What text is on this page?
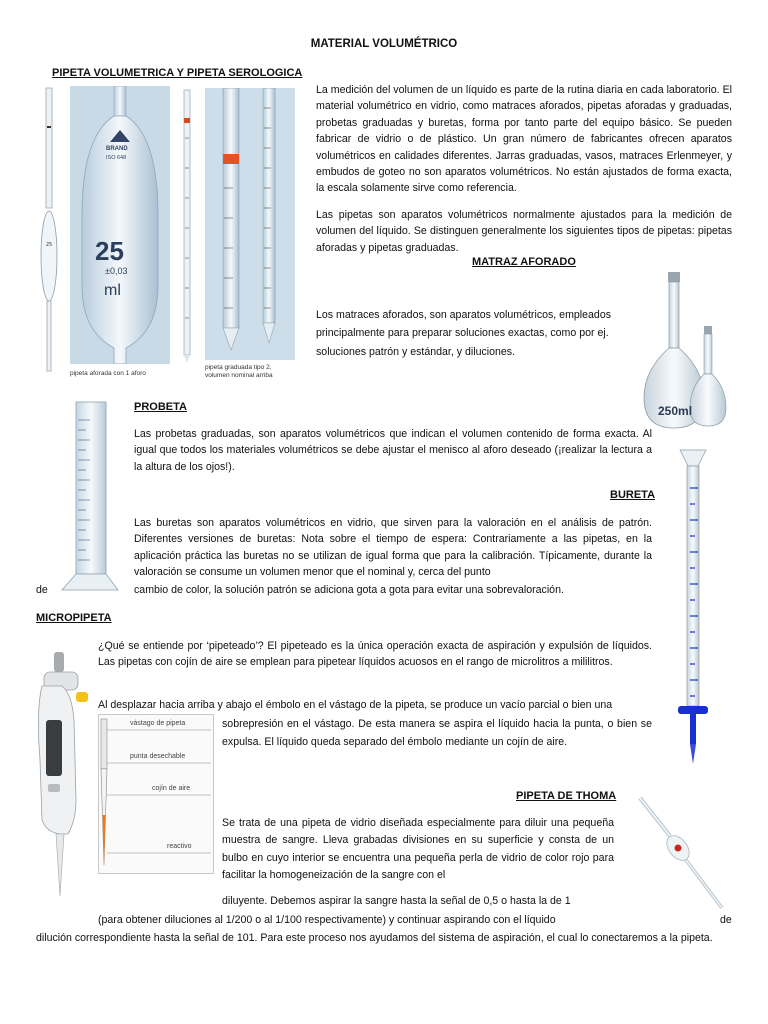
MATERIAL VOLUMÉTRICO
PIPETA VOLUMETRICA Y PIPETA SEROLOGICA
25
BRAND
ISO 648
25
±0,03
ml
pipeta aforada con 1 aforo
pipeta graduada tipo 2,
volumen nominal arriba
La medición del volumen de un líquido es parte de la rutina diaria en cada laboratorio. El material volumétrico en vidrio, como matraces aforados, pipetas aforadas y graduadas, probetas graduadas y buretas, forma por tanto parte del equipo básico. Se pueden fabricar de vidrio o de plástico. Un gran número de fabricantes ofrecen aparatos volumétricos en calidades diferentes. Jarras graduadas, vasos, matraces Erlenmeyer, y embudos de goteo no son aparatos volumétricos. No están ajustados de forma exacta, la escala solamente sirve como referencia.
Las pipetas son aparatos volumétricos normalmente ajustados para la medición de volumen del líquido. Se distinguen generalmente los siguientes tipos de pipetas: pipetas aforadas y pipetas graduadas.
MATRAZ AFORADO
Los matraces aforados, son aparatos volumétricos, empleados principalmente para preparar soluciones exactas, como por ej. soluciones patrón y estándar, y diluciones.
250ml
PROBETA
Las probetas graduadas, son aparatos volumétricos que indican el volumen contenido de forma exacta. Al igual que todos los materiales volumétricos se debe ajustar el menisco al aforo deseado (¡realizar la lectura a la altura de los ojos!).
BURETA
Las buretas son aparatos volumétricos en vidrio, que sirven para la valoración en el análisis de patrón. Diferentes versiones de buretas: Nota sobre el tiempo de espera: Contrariamente a las pipetas, en la aplicación práctica las buretas no se utilizan de igual forma que para la calibración. Típicamente, durante la valoración se consume un volumen menor que el nominal y, cerca del punto
de	cambio de color, la solución patrón se adiciona gota a gota para evitar una sobrevaloración.
MICROPIPETA
¿Qué se entiende por ‘pipeteado’? El pipeteado es la única operación exacta de aspiración y expulsión de líquidos. Las pipetas con cojín de aire se emplean para pipetear líquidos acuosos en el rango de microlitros a mililitros.
Al desplazar hacia arriba y abajo el émbolo en el vástago de la pipeta, se produce un vacío parcial o bien una
sobrepresión en el vástago. De esta manera se aspira el líquido hacia la punta, o bien se expulsa. El líquido queda separado del émbolo mediante un cojín de aire.
vástago de pipeta
punta desechable
cojín de aire
reactivo
PIPETA DE THOMA
Se trata de una pipeta de vidrio diseñada especialmente para diluir una pequeña muestra de sangre. Lleva grabadas divisiones en su superficie y consta de un bulbo en cuyo interior se encuentra una pequeña perla de vidrio de color rojo para facilitar la homogeneización de la sangre con el
diluyente. Debemos aspirar la sangre hasta la señal de 0,5 o hasta la de 1
(para obtener diluciones al 1/200 o al 1/100 respectivamente) y continuar aspirando con el líquido	de
dilución correspondiente hasta la señal de 101. Para este proceso nos ayudamos del sistema de aspiración, el cual lo conectaremos a la pipeta.
